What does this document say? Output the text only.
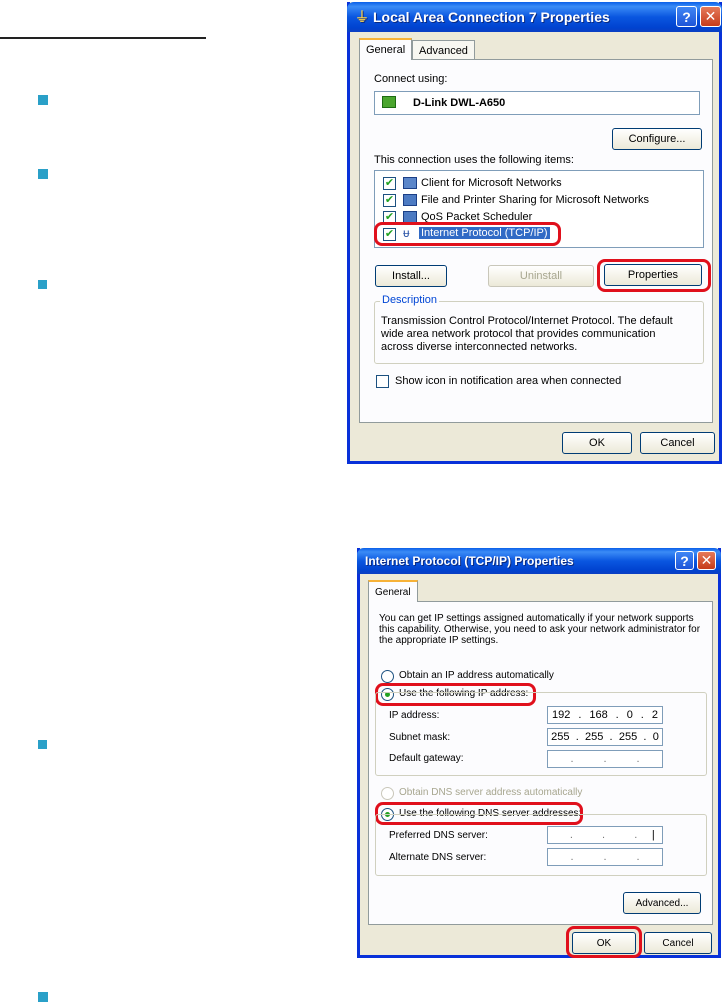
⏚ Local Area Connection 7 Properties	? ✕
General	Advanced
Connect using:
D-Link DWL-A650
Configure...
This connection uses the following items:
✔ Client for Microsoft Networks
✔ File and Printer Sharing for Microsoft Networks
✔ QoS Packet Scheduler
✔ ᵾ Internet Protocol (TCP/IP)
Install...	Uninstall	Properties
Description
Transmission Control Protocol/Internet Protocol. The default
wide area network protocol that provides communication
across diverse interconnected networks.
Show icon in notification area when connected
OK	Cancel
Internet Protocol (TCP/IP) Properties	? ✕
General
You can get IP settings assigned automatically if your network supports
this capability. Otherwise, you need to ask your network administrator for
the appropriate IP settings.
Obtain an IP address automatically
Use the following IP address:
IP address:	192 . 168 . 0 . 2
Subnet mask:	255 . 255 . 255 . 0
Default gateway:	.	.	.
Obtain DNS server address automatically
Use the following DNS server addresses:
Preferred DNS server:	.	.	. |
Alternate DNS server:	.	.	.
Advanced...
OK	Cancel
